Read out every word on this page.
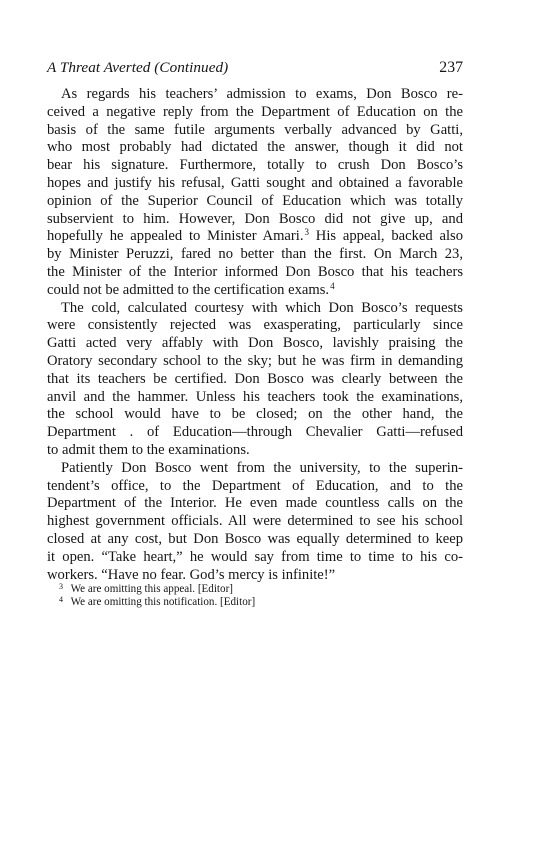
A Threat Averted (Continued)	237
As regards his teachers’ admission to exams, Don Bosco re-
ceived a negative reply from the Department of Education on the
basis of the same futile arguments verbally advanced by Gatti,
who most probably had dictated the answer, though it did not
bear his signature. Furthermore, totally to crush Don Bosco’s
hopes and justify his refusal, Gatti sought and obtained a favorable
opinion of the Superior Council of Education which was totally
subservient to him. However, Don Bosco did not give up, and
hopefully he appealed to Minister Amari.$^3$ His appeal, backed also
by Minister Peruzzi, fared no better than the first. On March 23,
the Minister of the Interior informed Don Bosco that his teachers
could not be admitted to the certification exams.$^4$
The cold, calculated courtesy with which Don Bosco’s requests
were consistently rejected was exasperating, particularly since
Gatti acted very affably with Don Bosco, lavishly praising the
Oratory secondary school to the sky; but he was firm in demanding
that its teachers be certified. Don Bosco was clearly between the
anvil and the hammer. Unless his teachers took the examinations,
the school would have to be closed; on the other hand, the
Department . of Education—through Chevalier Gatti—refused
to admit them to the examinations.
Patiently Don Bosco went from the university, to the superin-
tendent’s office, to the Department of Education, and to the
Department of the Interior. He even made countless calls on the
highest government officials. All were determined to see his school
closed at any cost, but Don Bosco was equally determined to keep
it open. “Take heart,” he would say from time to time to his co-
workers. “Have no fear. God’s mercy is infinite!”
3 We are omitting this appeal. [Editor]
4 We are omitting this notification. [Editor]
